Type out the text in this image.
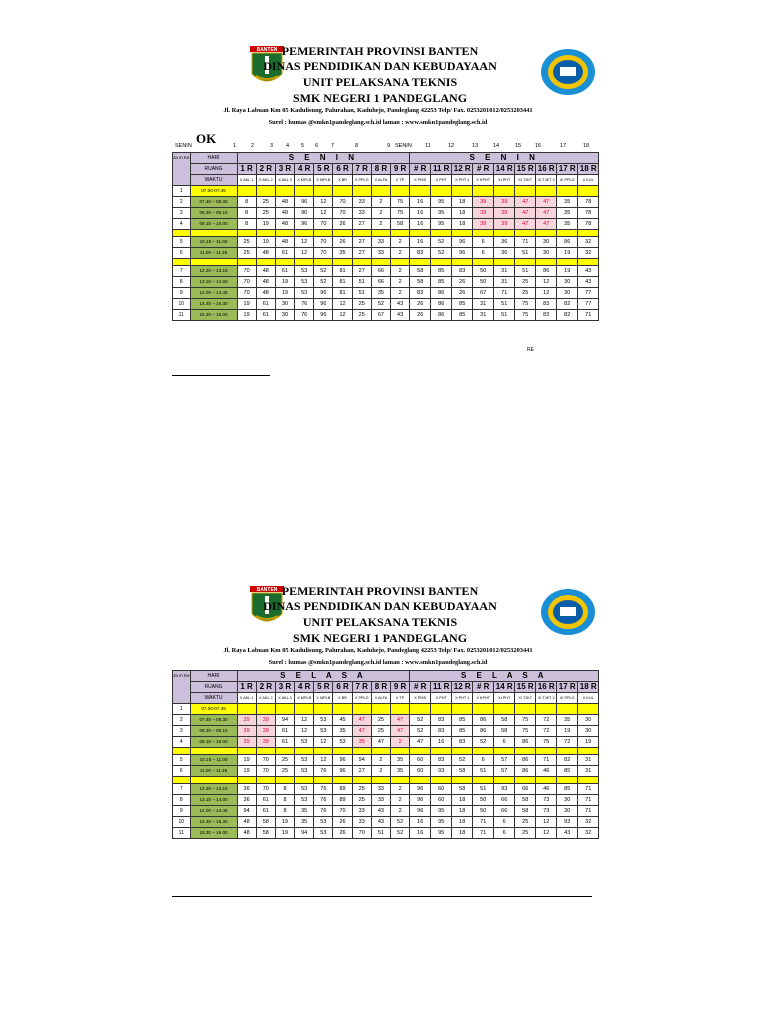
BANTEN PEMERINTAH PROVINSI BANTEN
DINAS PENDIDIKAN DAN KEBUDAYAAN
UNIT PELAKSANA TEKNIS
SMK NEGERI 1 PANDEGLANG
Jl. Raya Labuan Km 05 Kadulisung, Palurahan, Kaduhejo, Pandeglang 42253 Telp/ Fax. 0253201012/0253203441
Surel : humas @smkn1pandeglang.sch.id laman : www.smkn1pandeglang.sch.id
OK
SENIN	1	2	3 4 5 6 7	8	9 SENIN 11	12	13	14	15	16	17	18
Ja m Ke	HARI	S E N I N									S E N I N								
	RUANG	1 R	2 R	3 R	4 R	5 R	6 R	7 R	8 R	9 R	# R	11 R	12 R	# R	14 R	15 R	16 R	17 R	18 R
	WAKTU	X AKL 1	X AKL 2	X AKL 3	X MPLB	X MPLB	X BR	X PPLG	X ALFA	X TP	X PMS	X PHT	X PHT 1	X KPHT	XI PHT	XI TJKT	XI TJKT 2	XI PPLG	X KUL
1	07.00-07.45																		
2	07.45 – 08.30	8	25	48	96	12	70	33	2	75	16	95	18	39	39	47	47	35	78
3	08.30 – 09.15	8	25	48	96	12	70	33	2	75	16	95	18	39	39	47	47	35	78
4	09.15 – 10.00	8	19	48	96	70	26	27	2	58	16	95	18	39	39	47	47	35	78

5	10.15 – 11.00	25	19	48	12	70	26	27	33	2	16	52	96	6	36	71	30	86	32
6	11.00 – 11.45	25	48	61	12	70	35	27	33	2	83	52	96	6	36	51	30	19	32

7	12.30 – 13.15	70	48	61	53	52	81	27	66	2	58	85	83	50	31	51	86	19	43
8	13.15 – 14.00	70	48	19	53	52	81	51	66	2	58	85	26	50	31	25	12	30	43
9	14.00 – 14.45	70	48	19	53	96	81	51	35	2	83	86	26	67	71	25	12	30	77
10	14.45 – 15.30	19	61	30	76	96	12	25	52	43	26	86	85	31	51	75	83	82	77
11	15.30 – 16.00	19	61	30	76	96	12	25	67	43	26	86	85	31	51	75	83	82	71
RE
BANTEN PEMERINTAH PROVINSI BANTEN
DINAS PENDIDIKAN DAN KEBUDAYAAN
UNIT PELAKSANA TEKNIS
SMK NEGERI 1 PANDEGLANG
Jl. Raya Labuan Km 05 Kadulisung, Palurahan, Kaduhejo, Pandeglang 42253 Telp/ Fax. 0253201012/0253203441
Surel : humas @smkn1pandeglang.sch.id laman : www.smkn1pandeglang.sch.id
Ja m Ke	HARI	S E L A S A									S E L A S A								
	RUANG	1 R	2 R	3 R	4 R	5 R	6 R	7 R	8 R	9 R	# R	11 R	12 R	# R	14 R	15 R	16 R	17 R	18 R
	WAKTU	X AKL 1	X AKL 2	X AKL 3	X MPLB	X MPLB	X BR	X PPLG	X ALFA	X TP	X PMS	X PHT	X PHT 1	X KPHT	XI PHT	XI TJKT	XI TJKT 2	XI PPLG	X KUL
1	07.00-07.45																		
2	07.45 – 08.30	39	39	94	12	53	45	47	25	47	52	83	85	86	58	75	72	35	30
3	08.30 – 09.15	39	39	61	12	53	35	47	25	47	52	83	85	86	58	75	72	19	30
4	09.15 – 10.00	39	39	61	53	12	53	35	47	2	47	16	83	52	6	86	75	72	19

5	10.15 – 11.00	19	70	25	53	12	96	94	2	35	60	83	52	6	57	86	71	82	31
6	11.00 – 11.45	19	70	25	53	76	96	27	2	35	60	93	58	51	57	86	46	85	31

7	12.30 – 13.15	36	70	8	53	76	89	25	33	2	96	60	58	51	93	66	46	85	71
8	13.15 – 14.00	36	61	8	53	76	89	25	33	2	96	60	18	50	66	58	73	30	71
9	14.00 – 14.45	94	61	8	35	76	70	33	43	2	96	95	18	50	66	58	73	30	71
10	14.45 – 15.30	48	58	19	35	53	26	33	43	52	16	95	18	71	6	25	12	93	32
11	15.30 – 16.00	48	58	19	94	53	26	70	51	52	16	95	18	71	6	25	12	43	32
